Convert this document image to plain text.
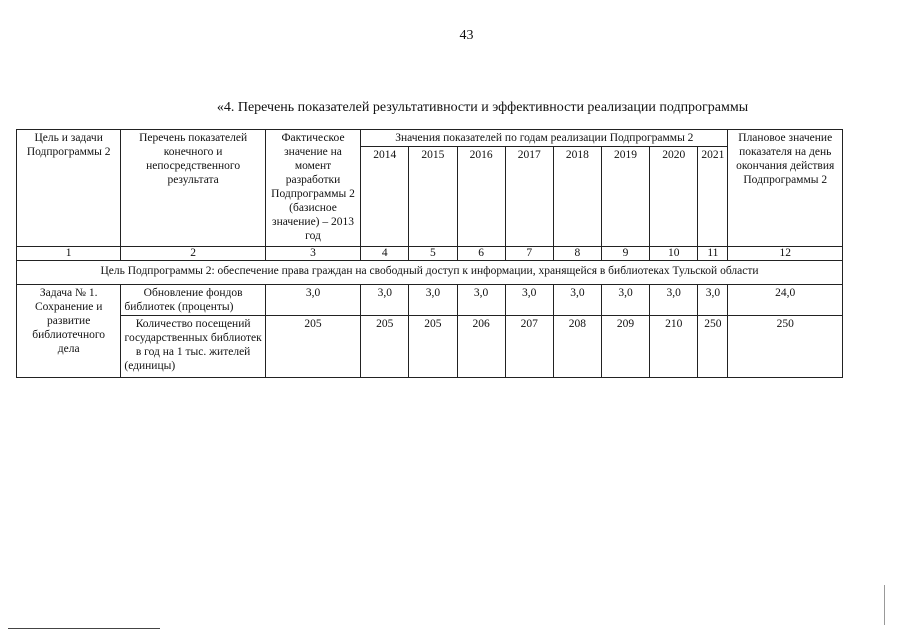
43
«4. Перечень показателей результативности и эффективности реализации подпрограммы
Цель и задачи Подпрограммы 2	Перечень показателей конечного и непосредственного результата	Фактическое значение на момент разработки Подпрограммы 2 (базисное значение) – 2013 год	Значения показателей по годам реализации Подпрограммы 2								Плановое значение показателя на день окончания действия Подпрограммы 2
			2014	2015	2016	2017	2018	2019	2020	2021	
1	2	3	4	5	6	7	8	9	10	11	12
Цель Подпрограммы 2: обеспечение права граждан на свободный доступ к информации, хранящейся в библиотеках Тульской области											
Задача № 1. Сохранение и развитие библиотечного дела	Обновление фондов библиотек (проценты)	3,0	3,0	3,0	3,0	3,0	3,0	3,0	3,0	3,0	24,0
	Количество посещений государственных библиотек в год на 1 тыс. жителей (единицы)	205	205	205	206	207	208	209	210	250	250
